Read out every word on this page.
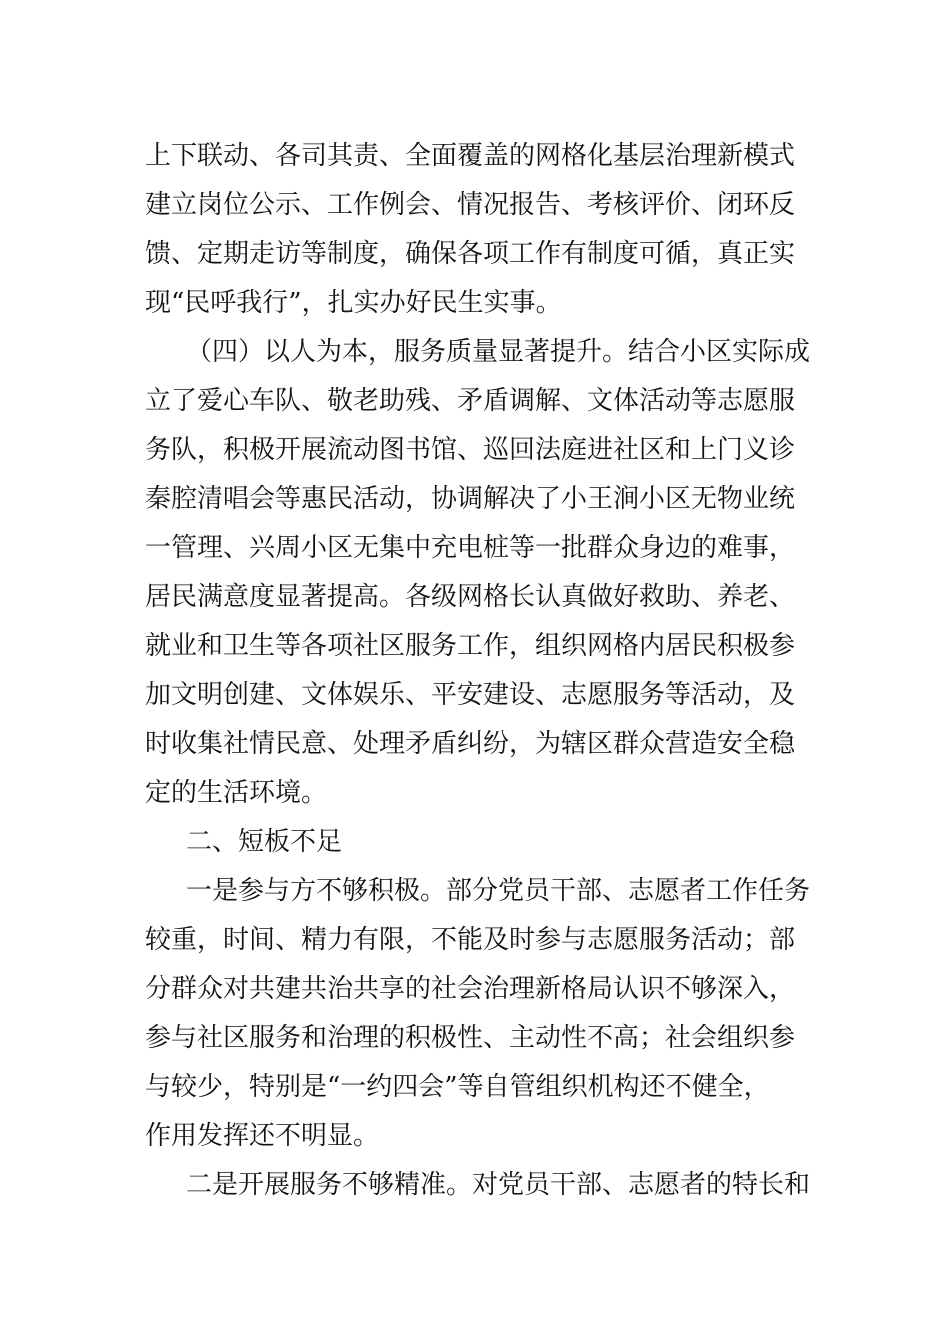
上下联动、各司其责、全面覆盖的网格化基层治理新模式
建立岗位公示、工作例会、情况报告、考核评价、闭环反
馈、定期走访等制度，确保各项工作有制度可循，真正实
现“民呼我行”，扎实办好民生实事。
（四）以人为本，服务质量显著提升。结合小区实际成
立了爱心车队、敬老助残、矛盾调解、文体活动等志愿服
务队，积极开展流动图书馆、巡回法庭进社区和上门义诊
秦腔清唱会等惠民活动，协调解决了小王涧小区无物业统
一管理、兴周小区无集中充电桩等一批群众身边的难事，
居民满意度显著提高。各级网格长认真做好救助、养老、
就业和卫生等各项社区服务工作，组织网格内居民积极参
加文明创建、文体娱乐、平安建设、志愿服务等活动，及
时收集社情民意、处理矛盾纠纷，为辖区群众营造安全稳
定的生活环境。
二、短板不足
一是参与方不够积极。部分党员干部、志愿者工作任务
较重，时间、精力有限，不能及时参与志愿服务活动；部
分群众对共建共治共享的社会治理新格局认识不够深入，
参与社区服务和治理的积极性、主动性不高；社会组织参
与较少，特别是“一约四会”等自管组织机构还不健全，
作用发挥还不明显。
二是开展服务不够精准。对党员干部、志愿者的特长和
